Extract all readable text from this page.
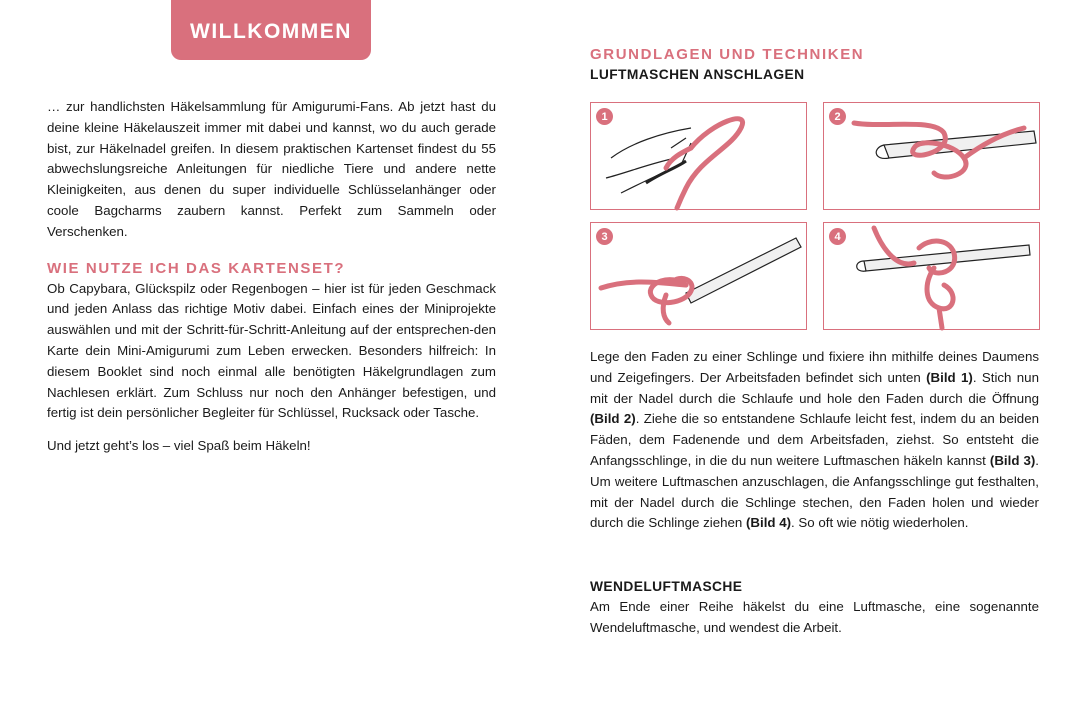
WILLKOMMEN

… zur handlichsten Häkelsammlung für Amigurumi-Fans. Ab jetzt hast du deine kleine Häkelauszeit immer mit dabei und kannst, wo du auch gerade bist, zur Häkelnadel greifen. In diesem praktischen Kartenset findest du 55 abwechslungsreiche Anleitungen für niedliche Tiere und andere nette Kleinigkeiten, aus denen du super individuelle Schlüsselanhänger oder coole Bagcharms zaubern kannst. Perfekt zum Sammeln oder Verschenken.

WIE NUTZE ICH DAS KARTENSET?

Ob Capybara, Glückspilz oder Regenbogen – hier ist für jeden Geschmack und jeden Anlass das richtige Motiv dabei. Einfach eines der Miniprojekte auswählen und mit der Schritt-für-Schritt-Anleitung auf der entsprechen-den Karte dein Mini-Amigurumi zum Leben erwecken. Besonders hilfreich: In diesem Booklet sind noch einmal alle benötigten Häkelgrundlagen zum Nachlesen erklärt. Zum Schluss nur noch den Anhänger befestigen, und fertig ist dein persönlicher Begleiter für Schlüssel, Rucksack oder Tasche.

Und jetzt geht’s los – viel Spaß beim Häkeln!

GRUNDLAGEN UND TECHNIKEN
LUFTMASCHEN ANSCHLAGEN
1	2
3	4

Lege den Faden zu einer Schlinge und fixiere ihn mithilfe deines Daumens und Zeigefingers. Der Arbeitsfaden befindet sich unten (Bild 1). Stich nun mit der Nadel durch die Schlaufe und hole den Faden durch die Öffnung (Bild 2). Ziehe die so entstandene Schlaufe leicht fest, indem du an beiden Fäden, dem Fadenende und dem Arbeitsfaden, ziehst. So entsteht die Anfangsschlinge, in die du nun weitere Luftmaschen häkeln kannst (Bild 3). Um weitere Luftmaschen anzuschlagen, die Anfangsschlinge gut festhalten, mit der Nadel durch die Schlinge stechen, den Faden holen und wieder durch die Schlinge ziehen (Bild 4). So oft wie nötig wiederholen.

WENDELUFTMASCHE

Am Ende einer Reihe häkelst du eine Luftmasche, eine sogenannte Wendeluftmasche, und wendest die Arbeit.
